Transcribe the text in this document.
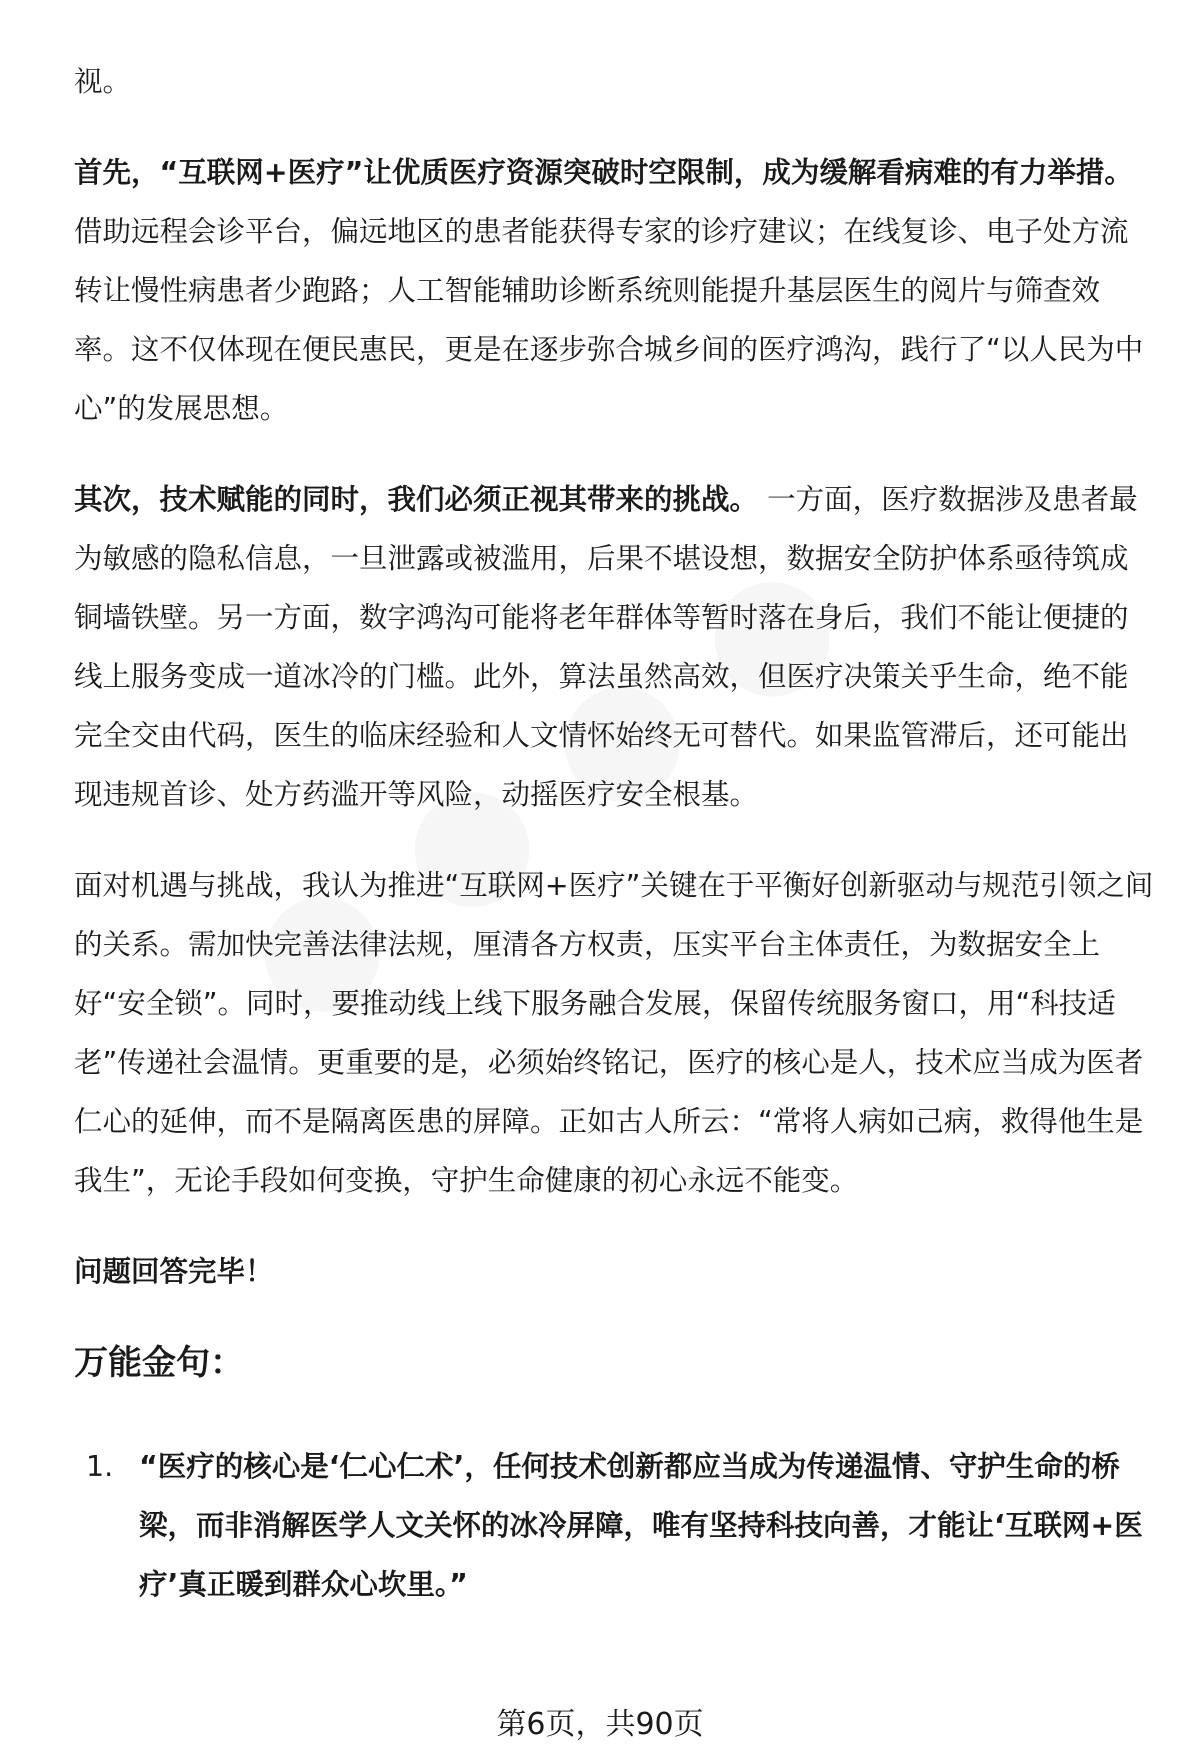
视。

首先，“互联网+医疗”让优质医疗资源突破时空限制，成为缓解看病难的有力举措。 借助远程会诊平台，偏远地区的患者能获得专家的诊疗建议；在线复诊、电子处方流转让慢性病患者少跑路；人工智能辅助诊断系统则能提升基层医生的阅片与筛查效率。这不仅体现在便民惠民，更是在逐步弥合城乡间的医疗鸿沟，践行了“以人民为中心”的发展思想。

其次，技术赋能的同时，我们必须正视其带来的挑战。 一方面，医疗数据涉及患者最为敏感的隐私信息，一旦泄露或被滥用，后果不堪设想，数据安全防护体系亟待筑成铜墙铁壁。另一方面，数字鸿沟可能将老年群体等暂时落在身后，我们不能让便捷的线上服务变成一道冰冷的门槛。此外，算法虽然高效，但医疗决策关乎生命，绝不能完全交由代码，医生的临床经验和人文情怀始终无可替代。如果监管滞后，还可能出现违规首诊、处方药滥开等风险，动摇医疗安全根基。

面对机遇与挑战，我认为推进“互联网+医疗”关键在于平衡好创新驱动与规范引领之间的关系。需加快完善法律法规，厘清各方权责，压实平台主体责任，为数据安全上好“安全锁”。同时，要推动线上线下服务融合发展，保留传统服务窗口，用“科技适老”传递社会温情。更重要的是，必须始终铭记，医疗的核心是人，技术应当成为医者仁心的延伸，而不是隔离医患的屏障。正如古人所云：“常将人病如己病，救得他生是我生”，无论手段如何变换，守护生命健康的初心永远不能变。

问题回答完毕！

万能金句：
1. “医疗的核心是‘仁心仁术’，任何技术创新都应当成为传递温情、守护生命的桥梁，而非消解医学人文关怀的冰冷屏障，唯有坚持科技向善，才能让‘互联网+医疗’真正暖到群众心坎里。”
第6页，共90页
